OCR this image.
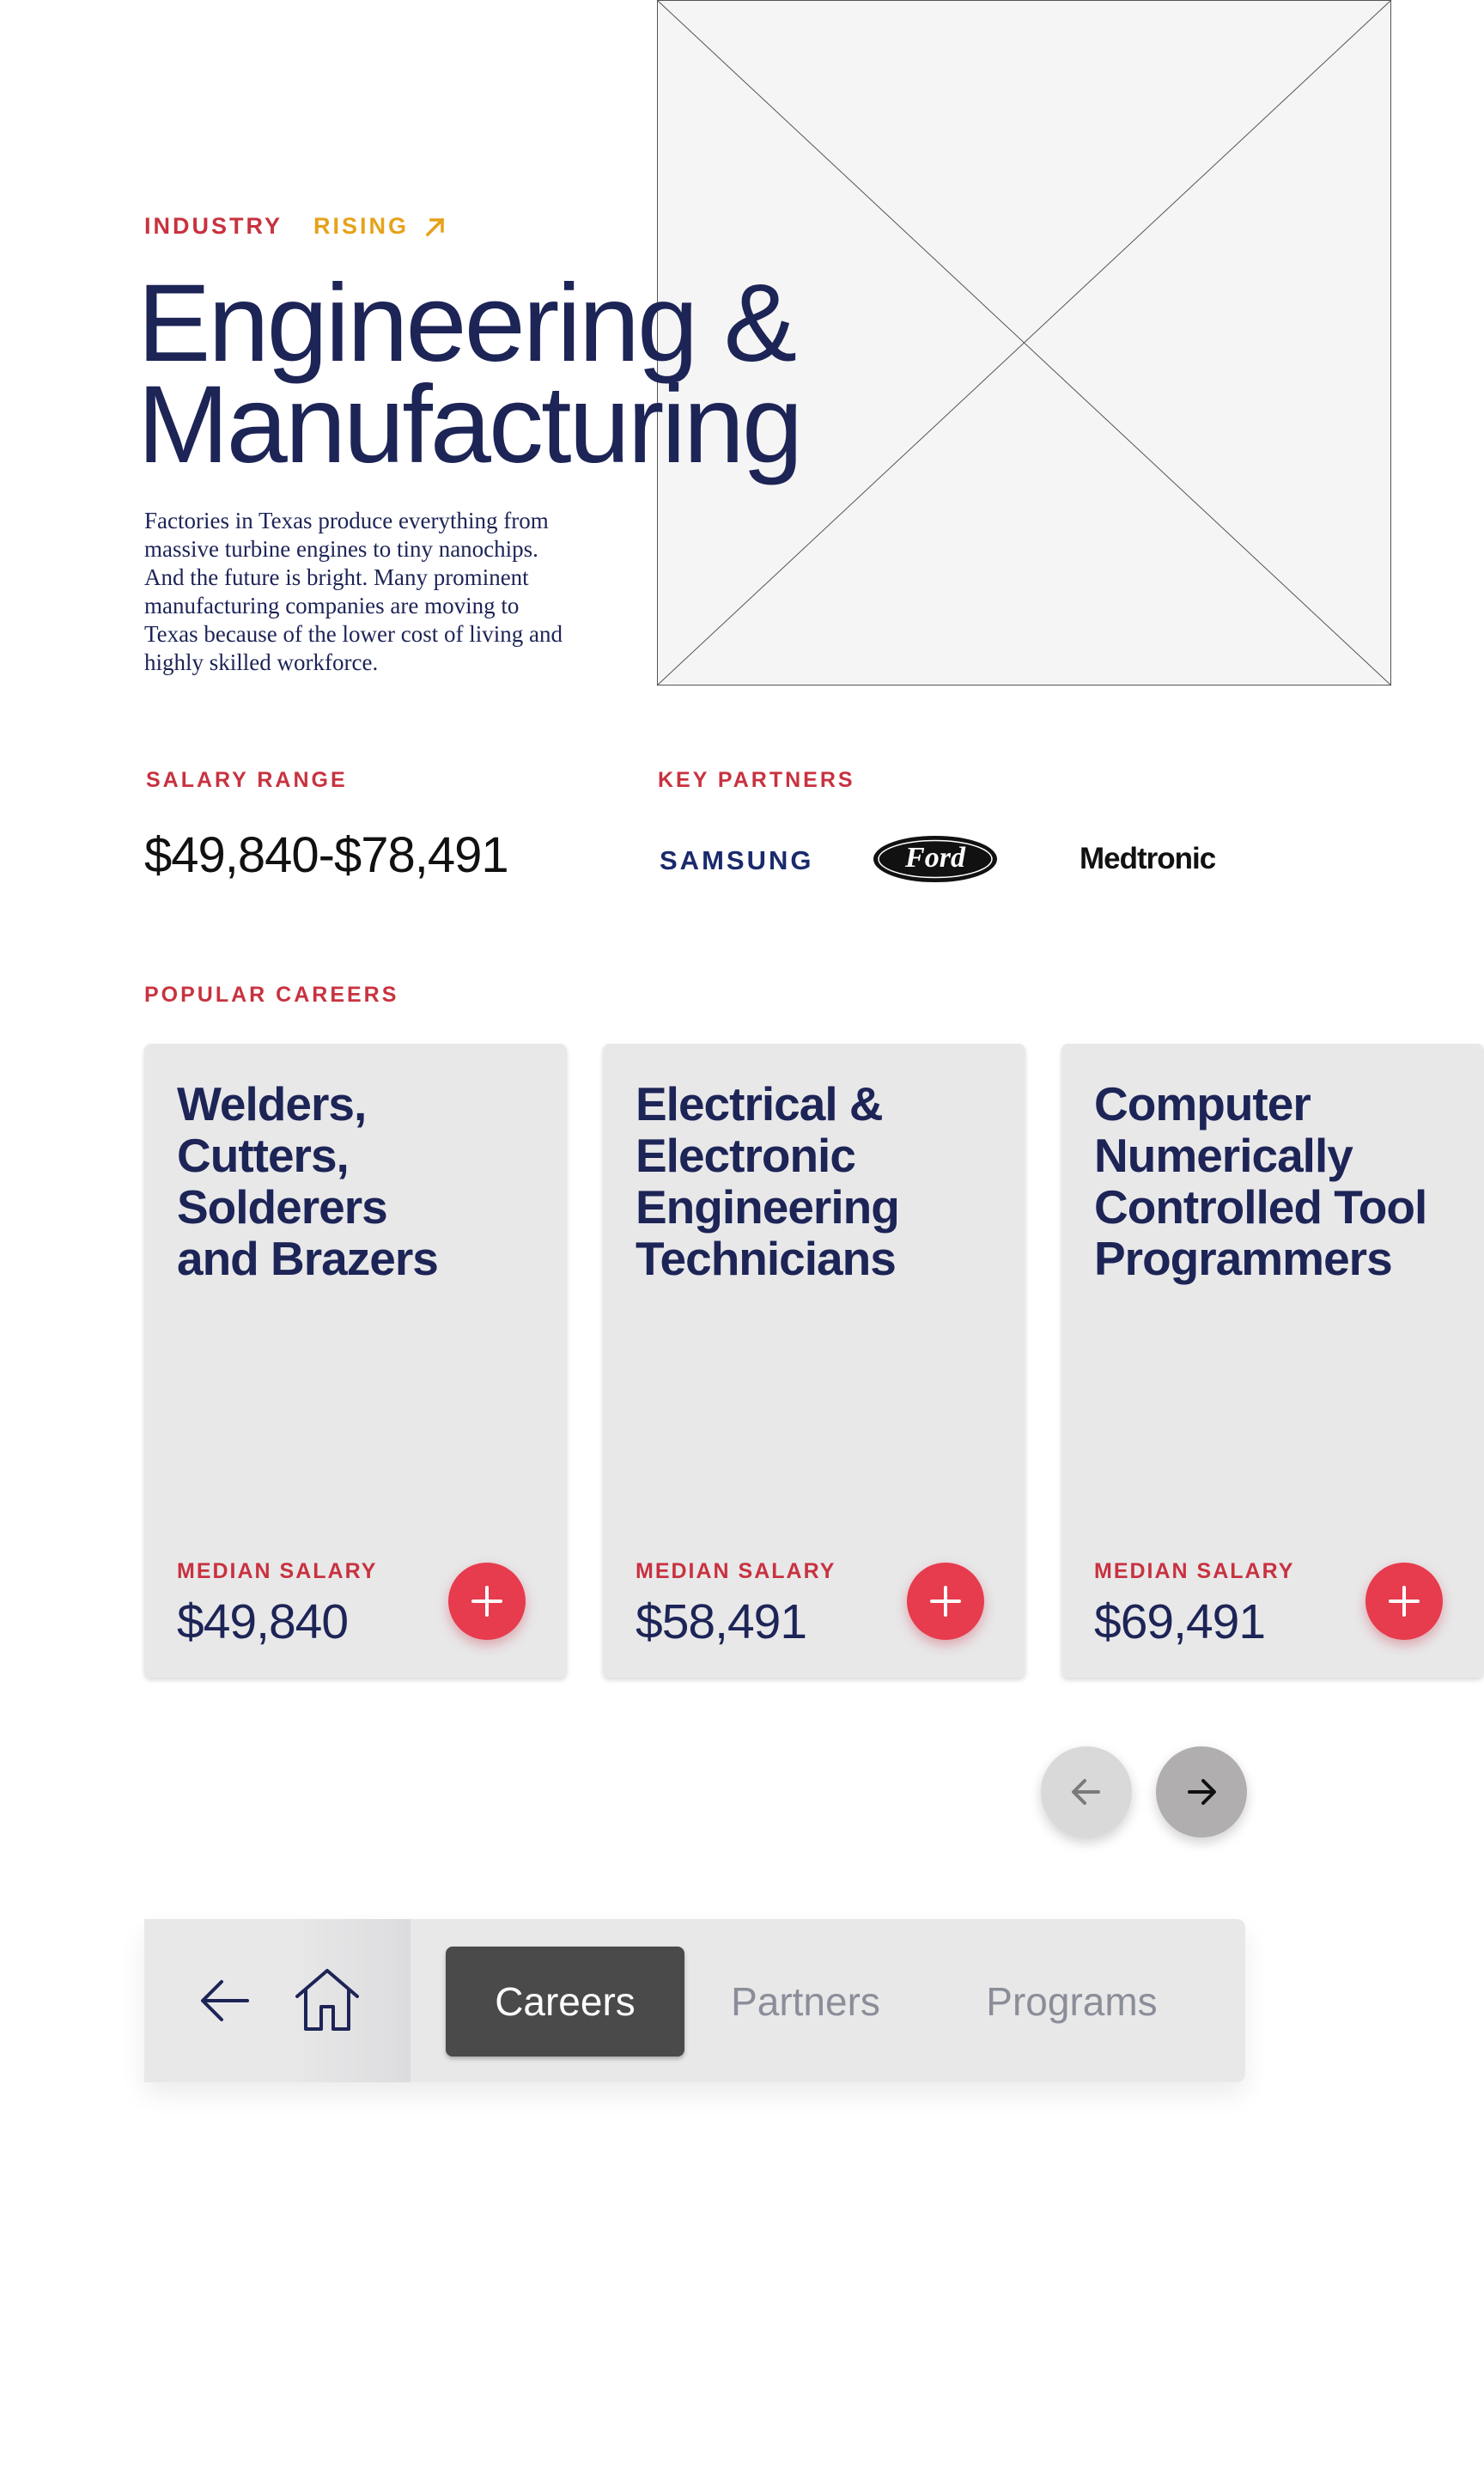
INDUSTRY RISING
Engineering &
Manufacturing

Factories in Texas produce everything from massive turbine engines to tiny nanochips. And the future is bright. Many prominent manufacturing companies are moving to Texas because of the lower cost of living and highly skilled workforce.

SALARY RANGE
$49,840-$78,491
KEY PARTNERS
SAMSUNG	Ford	Medtronic
POPULAR CAREERS
Welders,
Cutters,
Solderers
and Brazers
MEDIAN SALARY
$49,840
Electrical &
Electronic
Engineering
Technicians
MEDIAN SALARY
$58,491
Computer
Numerically
Controlled Tool
Programmers
MEDIAN SALARY
$69,491
Careers	Partners	Programs
